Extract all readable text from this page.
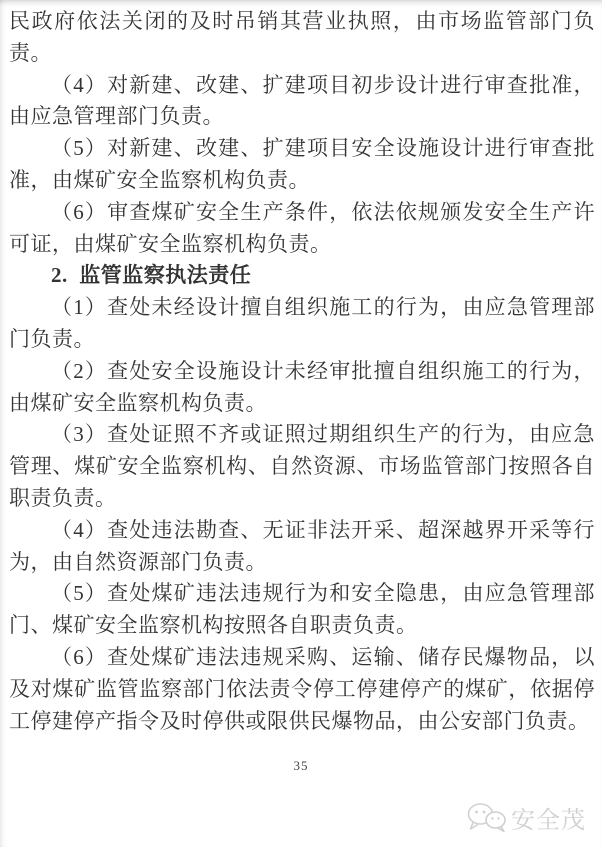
民政府依法关闭的及时吊销其营业执照，由市场监管部门负责。

（4）对新建、改建、扩建项目初步设计进行审查批准，由应急管理部门负责。

（5）对新建、改建、扩建项目安全设施设计进行审查批准，由煤矿安全监察机构负责。

（6）审查煤矿安全生产条件，依法依规颁发安全生产许可证，由煤矿安全监察机构负责。

2.  监管监察执法责任

（1）查处未经设计擅自组织施工的行为，由应急管理部门负责。

（2）查处安全设施设计未经审批擅自组织施工的行为，由煤矿安全监察机构负责。

（3）查处证照不齐或证照过期组织生产的行为，由应急管理、煤矿安全监察机构、自然资源、市场监管部门按照各自职责负责。

（4）查处违法勘查、无证非法开采、超深越界开采等行为，由自然资源部门负责。

（5）查处煤矿违法违规行为和安全隐患，由应急管理部门、煤矿安全监察机构按照各自职责负责。

（6）查处煤矿违法违规采购、运输、储存民爆物品，以及对煤矿监管监察部门依法责令停工停建停产的煤矿，依据停工停建停产指令及时停供或限供民爆物品，由公安部门负责。

35
安全茂
